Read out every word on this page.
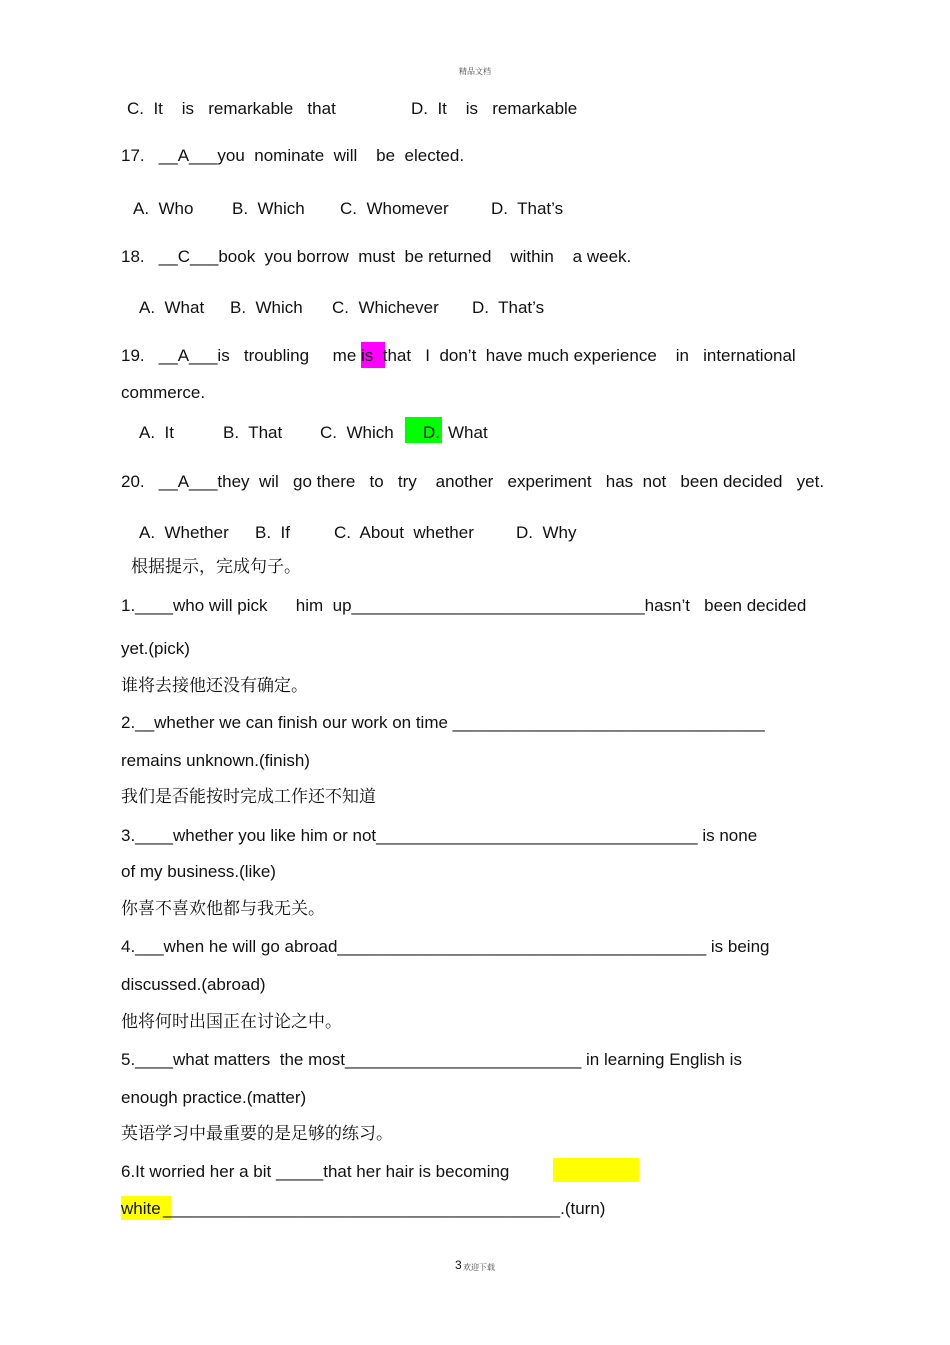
精品文档
C.  It    is   remarkable   that	D.  It    is   remarkable
17.   __A___you  nominate  will    be  elected.
A.  Who B.  Which C.  Whomever D.  That’s
18.   __C___book  you borrow  must  be returned    within    a week.
A.  What B.  Which C.  Whichever D.  That’s
19.   __A___is   troubling     me is  that   I  don’t  have much experience    in   international
commerce.
A.  It	B.  That C.  Which D. What
20.   __A___they  wil   go there   to   try    another   experiment   has  not   been decided   yet.
A.  Whether B.  If	C.  About  whether D.  Why
根据提示，完成句子。
1.____who will pick      him  up_______________________________hasn’t   been decided
yet.(pick)
谁将去接他还没有确定。
2.__whether we can finish our work on time _________________________________
remains unknown.(finish)
我们是否能按时完成工作还不知道
3.____whether you like him or not__________________________________ is none
of my business.(like)
你喜不喜欢他都与我无关。
4.___when he will go abroad_______________________________________ is being
discussed.(abroad)
他将何时出国正在讨论之中。
5.____what matters  the most_________________________ in learning English is
enough practice.(matter)
英语学习中最重要的是足够的练习。
6.It worried her a bit _____that her hair is becoming
white __________________________________________.(turn)
3 欢迎下载
